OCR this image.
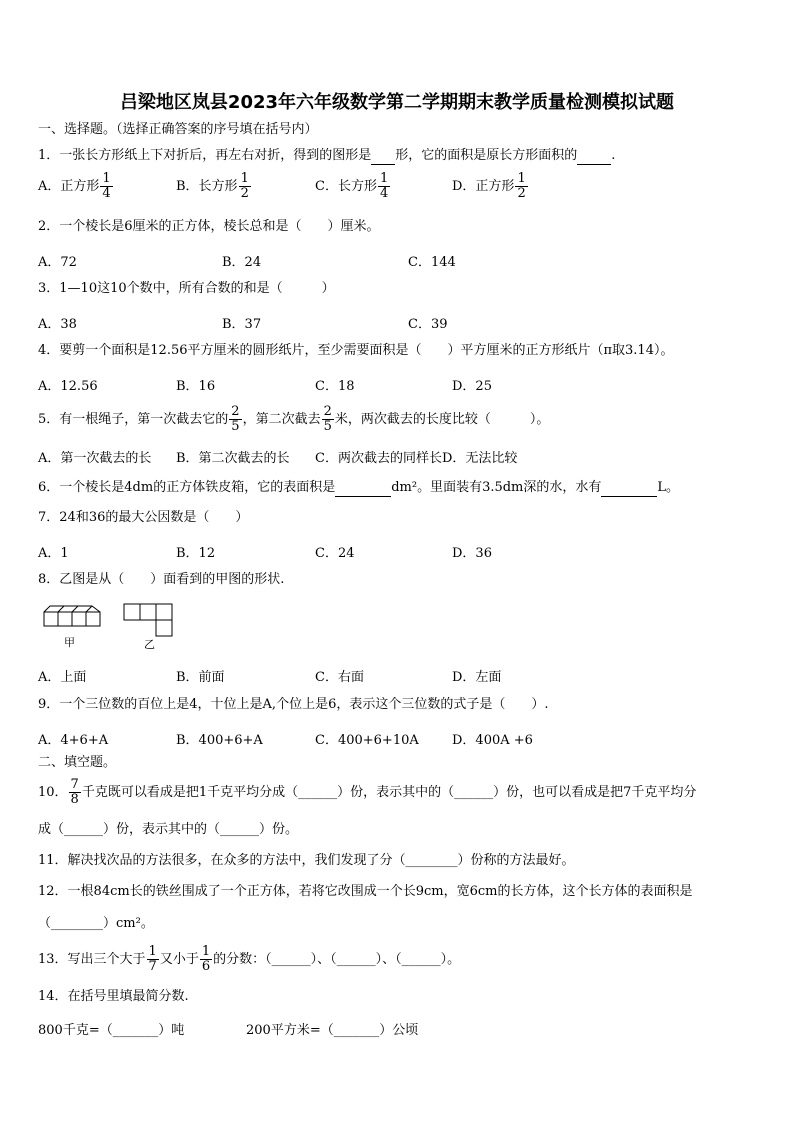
吕梁地区岚县2023年六年级数学第二学期期末教学质量检测模拟试题
一、选择题。（选择正确答案的序号填在括号内）
1．一张长方形纸上下对折后，再左右对折，得到的图形是 形，它的面积是原长方形面积的	.
A．正方形 $\frac{1}{4}$	B．长方形 $\frac{1}{2}$	C．长方形 $\frac{1}{4}$	D．正方形 $\frac{1}{2}$
2．一个棱长是6厘米的正方体，棱长总和是（　　）厘米。
A．72	B．24	C．144
3．1—10这10个数中，所有合数的和是（　　　）
A．38	B．37	C．39
4．要剪一个面积是12.56平方厘米的圆形纸片，至少需要面积是（　　）平方厘米的正方形纸片（π取3.14）。
A．12.56	B．16	C．18	D．25
5．有一根绳子，第一次截去它的 $\frac{2}{5}$ ，第二次截去 $\frac{2}{5}$ 米，两次截去的长度比较（　　　）。
A．第一次截去的长 B．第二次截去的长 C．两次截去的同样长D．无法比较
6．一个棱长是4dm的正方体铁皮箱，它的表面积是	dm²。里面装有3.5dm深的水，水有	L。
7．24和36的最大公因数是（　　）
A．1	B．12	C．24	D．36
8．乙图是从（　　）面看到的甲图的形状.
甲	乙
A．上面	B．前面	C．右面	D．左面
9．一个三位数的百位上是4，十位上是A,个位上是6，表示这个三位数的式子是（　　）.
A．4+6+A	B．400+6+A	C．400+6+10A	D．400A +6
二、填空题。
10． $\frac{7}{8}$ 千克既可以看成是把1千克平均分成（______）份，表示其中的（______）份，也可以看成是把7千克平均分
成（______）份，表示其中的（______）份。
11．解决找次品的方法很多，在众多的方法中，我们发现了分（________）份称的方法最好。
12．一根84cm长的铁丝围成了一个正方体，若将它改围成一个长9cm，宽6cm的长方体，这个长方体的表面积是
（________）cm²。
13．写出三个大于 $\frac{1}{7}$ 又小于 $\frac{1}{6}$ 的分数：（______）、（______）、（______）。
14．在括号里填最简分数.
800千克=（_______）吨	200平方米=（_______）公顷
